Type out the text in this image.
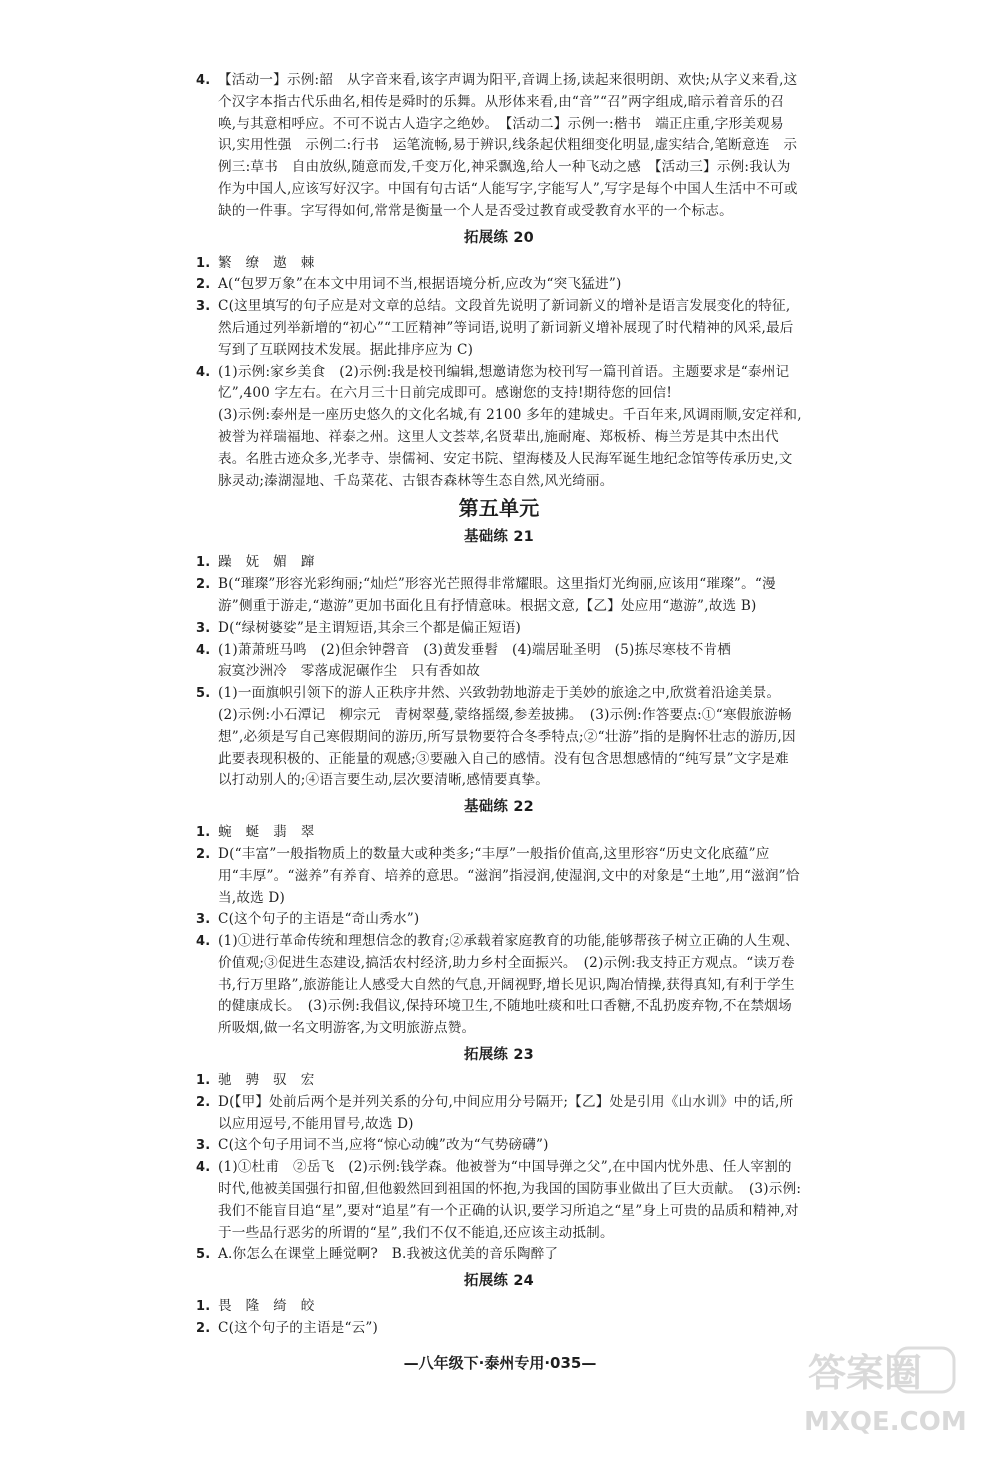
4. 【活动一】示例:韶　从字音来看,该字声调为阳平,音调上扬,读起来很明朗、欢快;从字义来看,这个汉字本指古代乐曲名,相传是舜时的乐舞。从形体来看,由“音”“召”两字组成,暗示着音乐的召唤,与其意相呼应。不可不说古人造字之绝妙。　【活动二】示例一:楷书　端正庄重,字形美观易识,实用性强　示例二:行书　运笔流畅,易于辨识,线条起伏粗细变化明显,虚实结合,笔断意连　示例三:草书　自由放纵,随意而发,千变万化,神采飘逸,给人一种飞动之感　【活动三】示例:我认为作为中国人,应该写好汉字。中国有句古话“人能写字,字能写人”,写字是每个中国人生活中不可或缺的一件事。字写得如何,常常是衡量一个人是否受过教育或受教育水平的一个标志。
拓展练 20
1. 繁　缭　遨　棘
2. A(“包罗万象”在本文中用词不当,根据语境分析,应改为“突飞猛进”)
3. C(这里填写的句子应是对文章的总结。文段首先说明了新词新义的增补是语言发展变化的特征,然后通过列举新增的“初心”“工匠精神”等词语,说明了新词新义增补展现了时代精神的风采,最后写到了互联网技术发展。据此排序应为 C)
4. (1)示例:家乡美食　(2)示例:我是校刊编辑,想邀请您为校刊写一篇刊首语。主题要求是“泰州记忆”,400 字左右。在六月三十日前完成即可。感谢您的支持!期待您的回信!
(3)示例:泰州是一座历史悠久的文化名城,有 2100 多年的建城史。千百年来,风调雨顺,安定祥和,被誉为祥瑞福地、祥泰之州。这里人文荟萃,名贤辈出,施耐庵、郑板桥、梅兰芳是其中杰出代表。名胜古迹众多,光孝寺、崇儒祠、安定书院、望海楼及人民海军诞生地纪念馆等传承历史,文脉灵动;溱湖湿地、千岛菜花、古银杏森林等生态自然,风光绮丽。
第五单元
基础练 21
1. 躁　妩　媚　蹿
2. B(“璀璨”形容光彩绚丽;“灿烂”形容光芒照得非常耀眼。这里指灯光绚丽,应该用“璀璨”。“漫游”侧重于游走,“遨游”更加书面化且有抒情意味。根据文意,【乙】处应用“遨游”,故选 B)
3. D(“绿树婆娑”是主谓短语,其余三个都是偏正短语)
4. (1)萧萧班马鸣　(2)但余钟磬音　(3)黄发垂髫　(4)端居耻圣明　(5)拣尽寒枝不肯栖
寂寞沙洲冷　零落成泥碾作尘　只有香如故
5. (1)一面旗帜引领下的游人正秩序井然、兴致勃勃地游走于美妙的旅途之中,欣赏着沿途美景。　(2)示例:小石潭记　柳宗元　青树翠蔓,蒙络摇缀,参差披拂。　(3)示例:作答要点:①“寒假旅游畅想”,必须是写自己寒假期间的游历,所写景物要符合冬季特点;②“壮游”指的是胸怀壮志的游历,因此要表现积极的、正能量的观感;③要融入自己的感情。没有包含思想感情的“纯写景”文字是难以打动别人的;④语言要生动,层次要清晰,感情要真挚。
基础练 22
1. 蜿　蜒　翡　翠
2. D(“丰富”一般指物质上的数量大或种类多;“丰厚”一般指价值高,这里形容“历史文化底蕴”应用“丰厚”。“滋养”有养育、培养的意思。“滋润”指浸润,使湿润,文中的对象是“土地”,用“滋润”恰当,故选 D)
3. C(这个句子的主语是“奇山秀水”)
4. (1)①进行革命传统和理想信念的教育;②承载着家庭教育的功能,能够帮孩子树立正确的人生观、价值观;③促进生态建设,搞活农村经济,助力乡村全面振兴。　(2)示例:我支持正方观点。“读万卷书,行万里路”,旅游能让人感受大自然的气息,开阔视野,增长见识,陶冶情操,获得真知,有利于学生的健康成长。　(3)示例:我倡议,保持环境卫生,不随地吐痰和吐口香糖,不乱扔废弃物,不在禁烟场所吸烟,做一名文明游客,为文明旅游点赞。
拓展练 23
1. 驰　骋　驭　宏
2. D(【甲】处前后两个是并列关系的分句,中间应用分号隔开;【乙】处是引用《山水训》中的话,所以应用逗号,不能用冒号,故选 D)
3. C(这个句子用词不当,应将“惊心动魄”改为“气势磅礴”)
4. (1)①杜甫　②岳飞　(2)示例:钱学森。他被誉为“中国导弹之父”,在中国内忧外患、任人宰割的时代,他被美国强行扣留,但他毅然回到祖国的怀抱,为我国的国防事业做出了巨大贡献。　(3)示例:我们不能盲目追“星”,要对“追星”有一个正确的认识,要学习所追之“星”身上可贵的品质和精神,对于一些品行恶劣的所谓的“星”,我们不仅不能追,还应该主动抵制。
5. A.你怎么在课堂上睡觉啊?　B.我被这优美的音乐陶醉了
拓展练 24
1. 畏　隆　绮　皎
2. C(这个句子的主语是“云”)
—八年级下·泰州专用·035—	答案圈
MXQE.COM
